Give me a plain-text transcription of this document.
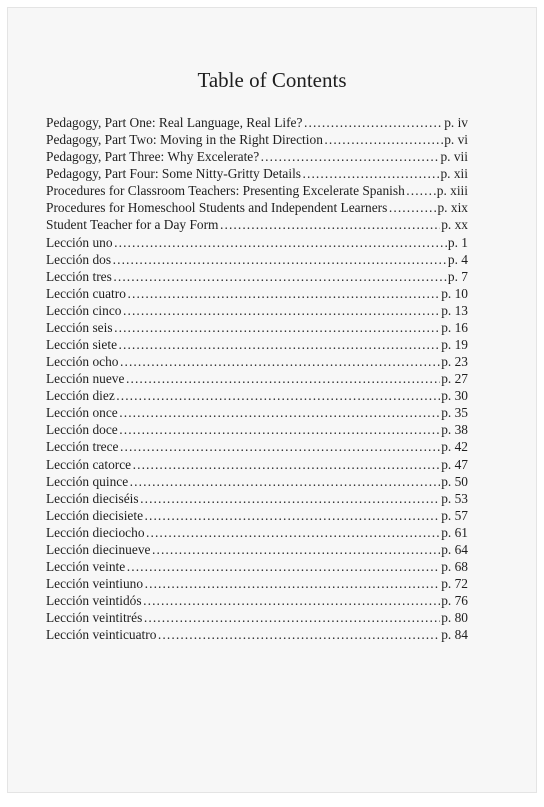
Table of Contents
Pedagogy, Part One: Real Language, Real Life? ……………………………………………………………………………………………………………………………………………………	p. iv
Pedagogy, Part Two: Moving in the Right Direction ……………………………………………………………………………………………………………………………………………………	p. vi
Pedagogy, Part Three: Why Excelerate? ……………………………………………………………………………………………………………………………………………………	p. vii
Pedagogy, Part Four: Some Nitty-Gritty Details ……………………………………………………………………………………………………………………………………………………	p. xii
Procedures for Classroom Teachers: Presenting Excelerate Spanish …………………………………………………………………………………………………………………………………………………… p. xiii
Procedures for Homeschool Students and Independent Learners ……………………………………………………………………………………………………………………………………………………	p. xix
Student Teacher for a Day Form ……………………………………………………………………………………………………………………………………………………	p. xx
Lección uno ……………………………………………………………………………………………………………………………………………………	p. 1
Lección dos ……………………………………………………………………………………………………………………………………………………	p. 4
Lección tres ……………………………………………………………………………………………………………………………………………………	p. 7
Lección cuatro ……………………………………………………………………………………………………………………………………………………	p. 10
Lección cinco ……………………………………………………………………………………………………………………………………………………	p. 13
Lección seis ……………………………………………………………………………………………………………………………………………………	p. 16
Lección siete ……………………………………………………………………………………………………………………………………………………	p. 19
Lección ocho ……………………………………………………………………………………………………………………………………………………	p. 23
Lección nueve ……………………………………………………………………………………………………………………………………………………	p. 27
Lección diez ……………………………………………………………………………………………………………………………………………………	p. 30
Lección once ……………………………………………………………………………………………………………………………………………………	p. 35
Lección doce ……………………………………………………………………………………………………………………………………………………	p. 38
Lección trece ……………………………………………………………………………………………………………………………………………………	p. 42
Lección catorce ……………………………………………………………………………………………………………………………………………………	p. 47
Lección quince ……………………………………………………………………………………………………………………………………………………	p. 50
Lección dieciséis ……………………………………………………………………………………………………………………………………………………	p. 53
Lección diecisiete ……………………………………………………………………………………………………………………………………………………	p. 57
Lección dieciocho ……………………………………………………………………………………………………………………………………………………	p. 61
Lección diecinueve ……………………………………………………………………………………………………………………………………………………	p. 64
Lección veinte ……………………………………………………………………………………………………………………………………………………	p. 68
Lección veintiuno ……………………………………………………………………………………………………………………………………………………	p. 72
Lección veintidós ……………………………………………………………………………………………………………………………………………………	p. 76
Lección veintitrés ……………………………………………………………………………………………………………………………………………………	p. 80
Lección veinticuatro ……………………………………………………………………………………………………………………………………………………	p. 84
